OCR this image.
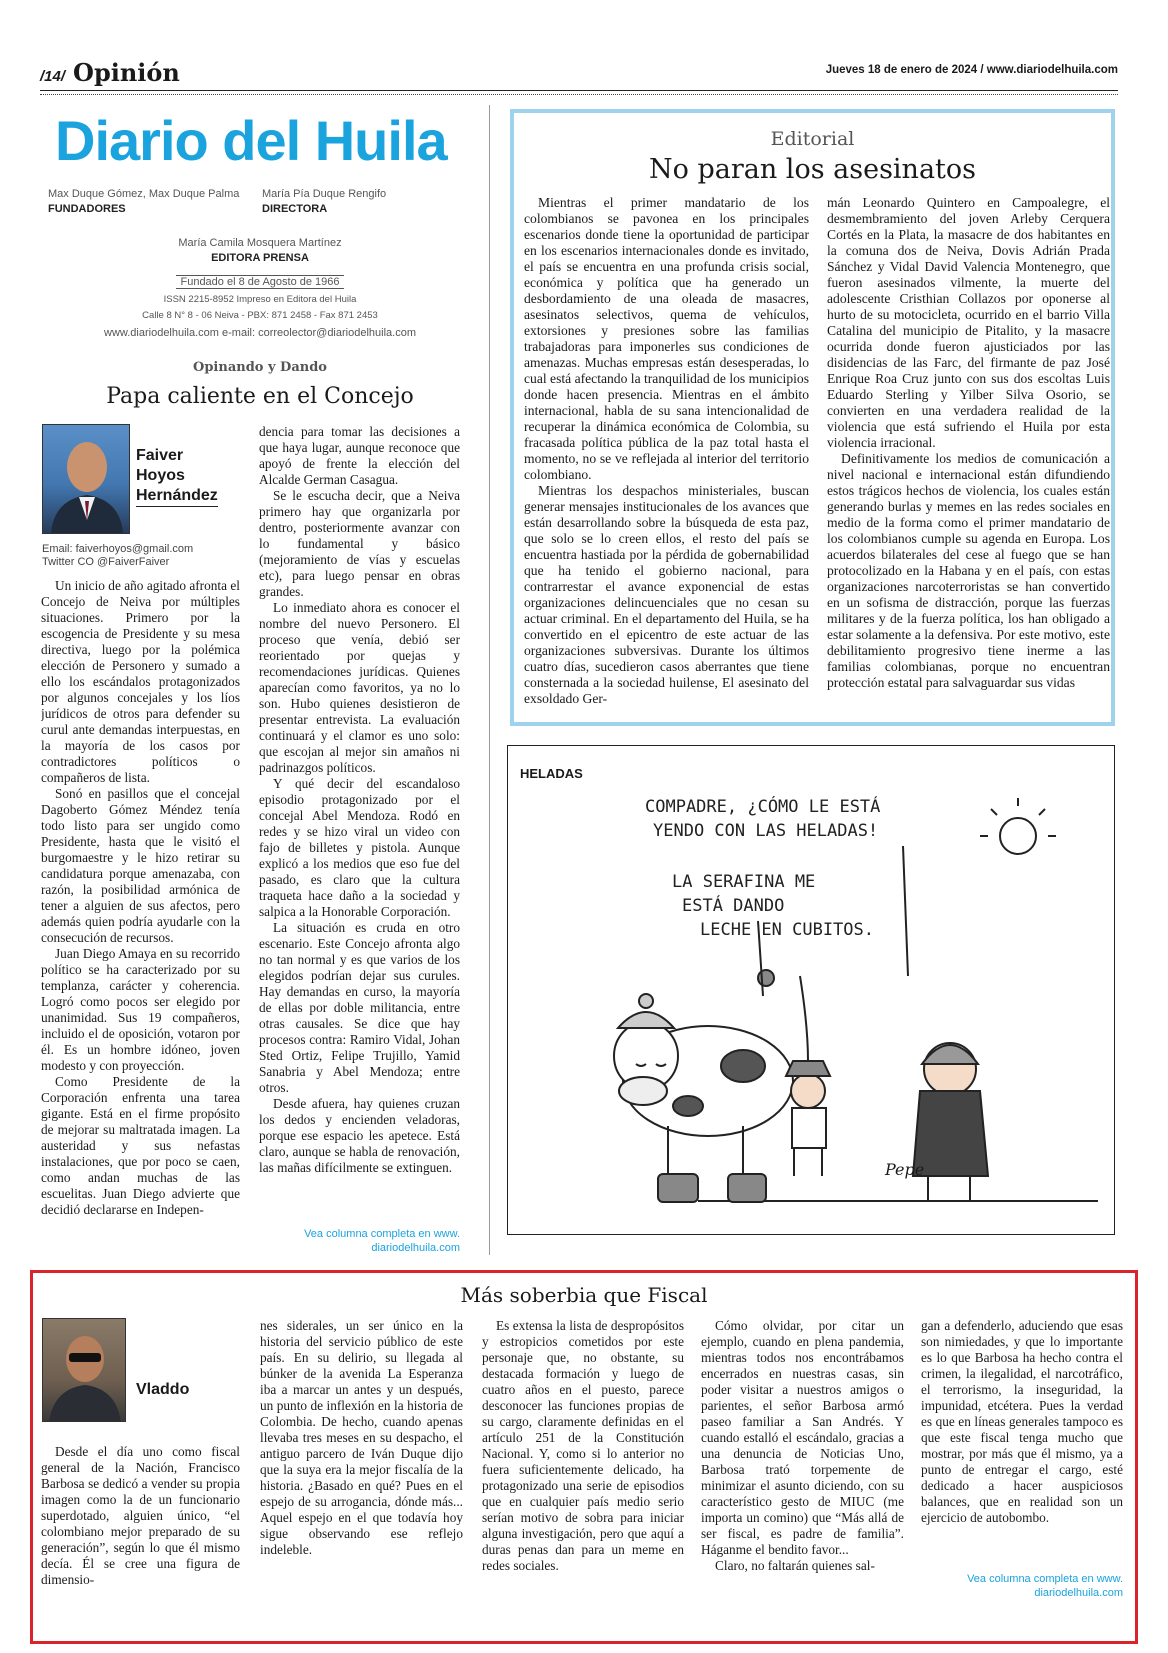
/14/ Opinión	Jueves 18 de enero de 2024 / www.diariodelhuila.com
Diario del Huila
Max Duque Gómez, Max Duque Palma
FUNDADORES
María Pía Duque Rengifo
DIRECTORA
María Camila Mosquera Martínez
EDITORA PRENSA
Fundado el 8 de Agosto de 1966
ISSN 2215-8952 Impreso en Editora del Huila
Calle 8 N° 8 - 06 Neiva - PBX: 871 2458 - Fax 871 2453
www.diariodelhuila.com e-mail: correolector@diariodelhuila.com
Opinando y Dando
Papa caliente en el Concejo
Faiver
Hoyos
Hernández
Email: faiverhoyos@gmail.com
Twitter CO @FaiverFaiver

Un inicio de año agitado afronta el Concejo de Neiva por múltiples situaciones. Primero por la escogencia de Presidente y su mesa directiva, luego por la polémica elección de Personero y sumado a ello los escándalos protagonizados por algunos concejales y los líos jurídicos de otros para defender su curul ante demandas interpuestas, en la mayoría de los casos por contradictores políticos o compañeros de lista.

Sonó en pasillos que el concejal Dagoberto Gómez Méndez tenía todo listo para ser ungido como Presidente, hasta que le visitó el burgomaestre y le hizo retirar su candidatura porque amenazaba, con razón, la posibilidad armónica de tener a alguien de sus afectos, pero además quien podría ayudarle con la consecución de recursos.

Juan Diego Amaya en su recorrido político se ha caracterizado por su templanza, carácter y coherencia. Logró como pocos ser elegido por unanimidad. Sus 19 compañeros, incluido el de oposición, votaron por él. Es un hombre idóneo, joven modesto y con proyección.

Como Presidente de la Corporación enfrenta una tarea gigante. Está en el firme propósito de mejorar su maltratada imagen. La austeridad y sus nefastas instalaciones, que por poco se caen, como andan muchas de las escuelitas. Juan Diego advierte que decidió declararse en Indepen-

dencia para tomar las decisiones a que haya lugar, aunque reconoce que apoyó de frente la elección del Alcalde German Casagua.

Se le escucha decir, que a Neiva primero hay que organizarla por dentro, posteriormente avanzar con lo fundamental y básico (mejoramiento de vías y escuelas etc), para luego pensar en obras grandes.

Lo inmediato ahora es conocer el nombre del nuevo Personero. El proceso que venía, debió ser reorientado por quejas y recomendaciones jurídicas. Quienes aparecían como favoritos, ya no lo son. Hubo quienes desistieron de presentar entrevista. La evaluación continuará y el clamor es uno solo: que escojan al mejor sin amaños ni padrinazgos políticos.

Y qué decir del escandaloso episodio protagonizado por el concejal Abel Mendoza. Rodó en redes y se hizo viral un video con fajo de billetes y pistola. Aunque explicó a los medios que eso fue del pasado, es claro que la cultura traqueta hace daño a la sociedad y salpica a la Honorable Corporación.

La situación es cruda en otro escenario. Este Concejo afronta algo no tan normal y es que varios de los elegidos podrían dejar sus curules. Hay demandas en curso, la mayoría de ellas por doble militancia, entre otras causales. Se dice que hay procesos contra: Ramiro Vidal, Johan Sted Ortiz, Felipe Trujillo, Yamid Sanabria y Abel Mendoza; entre otros.

Desde afuera, hay quienes cruzan los dedos y encienden veladoras, porque ese espacio les apetece. Está claro, aunque se habla de renovación, las mañas difícilmente se extinguen.

Vea columna completa en www.
diariodelhuila.com
Editorial
No paran los asesinatos

Mientras el primer mandatario de los colombianos se pavonea en los principales escenarios donde tiene la oportunidad de participar en los escenarios internacionales donde es invitado, el país se encuentra en una profunda crisis social, económica y política que ha generado un desbordamiento de una oleada de masacres, asesinatos selectivos, quema de vehículos, extorsiones y presiones sobre las familias trabajadoras para imponerles sus condiciones de amenazas. Muchas empresas están desesperadas, lo cual está afectando la tranquilidad de los municipios donde hacen presencia. Mientras en el ámbito internacional, habla de su sana intencionalidad de recuperar la dinámica económica de Colombia, su fracasada política pública de la paz total hasta el momento, no se ve reflejada al interior del territorio colombiano.

Mientras los despachos ministeriales, buscan generar mensajes institucionales de los avances que están desarrollando sobre la búsqueda de esta paz, que solo se lo creen ellos, el resto del país se encuentra hastiada por la pérdida de gobernabilidad que ha tenido el gobierno nacional, para contrarrestar el avance exponencial de estas organizaciones delincuenciales que no cesan su actuar criminal. En el departamento del Huila, se ha convertido en el epicentro de este actuar de las organizaciones subversivas. Durante los últimos cuatro días, sucedieron casos aberrantes que tiene consternada a la sociedad huilense, El asesinato del exsoldado Ger-

mán Leonardo Quintero en Campoalegre, el desmembramiento del joven Arleby Cerquera Cortés en la Plata, la masacre de dos habitantes en la comuna dos de Neiva, Dovis Adrián Prada Sánchez y Vidal David Valencia Montenegro, que fueron asesinados vilmente, la muerte del adolescente Cristhian Collazos por oponerse al hurto de su motocicleta, ocurrido en el barrio Villa Catalina del municipio de Pitalito, y la masacre ocurrida donde fueron ajusticiados por las disidencias de las Farc, del firmante de paz José Enrique Roa Cruz junto con sus dos escoltas Luis Eduardo Sterling y Yilber Silva Osorio, se convierten en una verdadera realidad de la violencia que está sufriendo el Huila por esta violencia irracional.

Definitivamente los medios de comunicación a nivel nacional e internacional están difundiendo estos trágicos hechos de violencia, los cuales están generando burlas y memes en las redes sociales en medio de la forma como el primer mandatario de los colombianos cumple su agenda en Europa. Los acuerdos bilaterales del cese al fuego que se han protocolizado en la Habana y en el país, con estas organizaciones narcoterroristas se han convertido en un sofisma de distracción, porque las fuerzas militares y de la fuerza política, los han obligado a estar solamente a la defensiva. Por este motivo, este debilitamiento progresivo tiene inerme a las familias colombianas, porque no encuentran protección estatal para salvaguardar sus vidas

HELADAS
COMPADRE, ¿CÓMO LE ESTÁ
YENDO CON LAS HELADAS!
LA SERAFINA ME
ESTÁ DANDO
LECHE EN CUBITOS.
Pepe
Más soberbia que Fiscal
Vladdo

Desde el día uno como fiscal general de la Nación, Francisco Barbosa se dedicó a vender su propia imagen como la de un funcionario superdotado, alguien único, “el colombiano mejor preparado de su generación”, según lo que él mismo decía. Él se cree una figura de dimensio-

nes siderales, un ser único en la historia del servicio público de este país. En su delirio, su llegada al búnker de la avenida La Esperanza iba a marcar un antes y un después, un punto de inflexión en la historia de Colombia. De hecho, cuando apenas llevaba tres meses en su despacho, el antiguo parcero de Iván Duque dijo que la suya era la mejor fiscalía de la historia. ¿Basado en qué? Pues en el espejo de su arrogancia, dónde más... Aquel espejo en el que todavía hoy sigue observando ese reflejo indeleble.

Es extensa la lista de despropósitos y estropicios cometidos por este personaje que, no obstante, su destacada formación y luego de cuatro años en el puesto, parece desconocer las funciones propias de su cargo, claramente definidas en el artículo 251 de la Constitución Nacional. Y, como si lo anterior no fuera suficientemente delicado, ha protagonizado una serie de episodios que en cualquier país medio serio serían motivo de sobra para iniciar alguna investigación, pero que aquí a duras penas dan para un meme en redes sociales.

Cómo olvidar, por citar un ejemplo, cuando en plena pandemia, mientras todos nos encontrábamos encerrados en nuestras casas, sin poder visitar a nuestros amigos o parientes, el señor Barbosa armó paseo familiar a San Andrés. Y cuando estalló el escándalo, gracias a una denuncia de Noticias Uno, Barbosa trató torpemente de minimizar el asunto diciendo, con su característico gesto de MIUC (me importa un comino) que “Más allá de ser fiscal, es padre de familia”. Háganme el bendito favor...

Claro, no faltarán quienes sal-

gan a defenderlo, aduciendo que esas son nimiedades, y que lo importante es lo que Barbosa ha hecho contra el crimen, la ilegalidad, el narcotráfico, el terrorismo, la inseguridad, la impunidad, etcétera. Pues la verdad es que en líneas generales tampoco es que este fiscal tenga mucho que mostrar, por más que él mismo, ya a punto de entregar el cargo, esté dedicado a hacer auspiciosos balances, que en realidad son un ejercicio de autobombo.

Vea columna completa en www.
diariodelhuila.com
